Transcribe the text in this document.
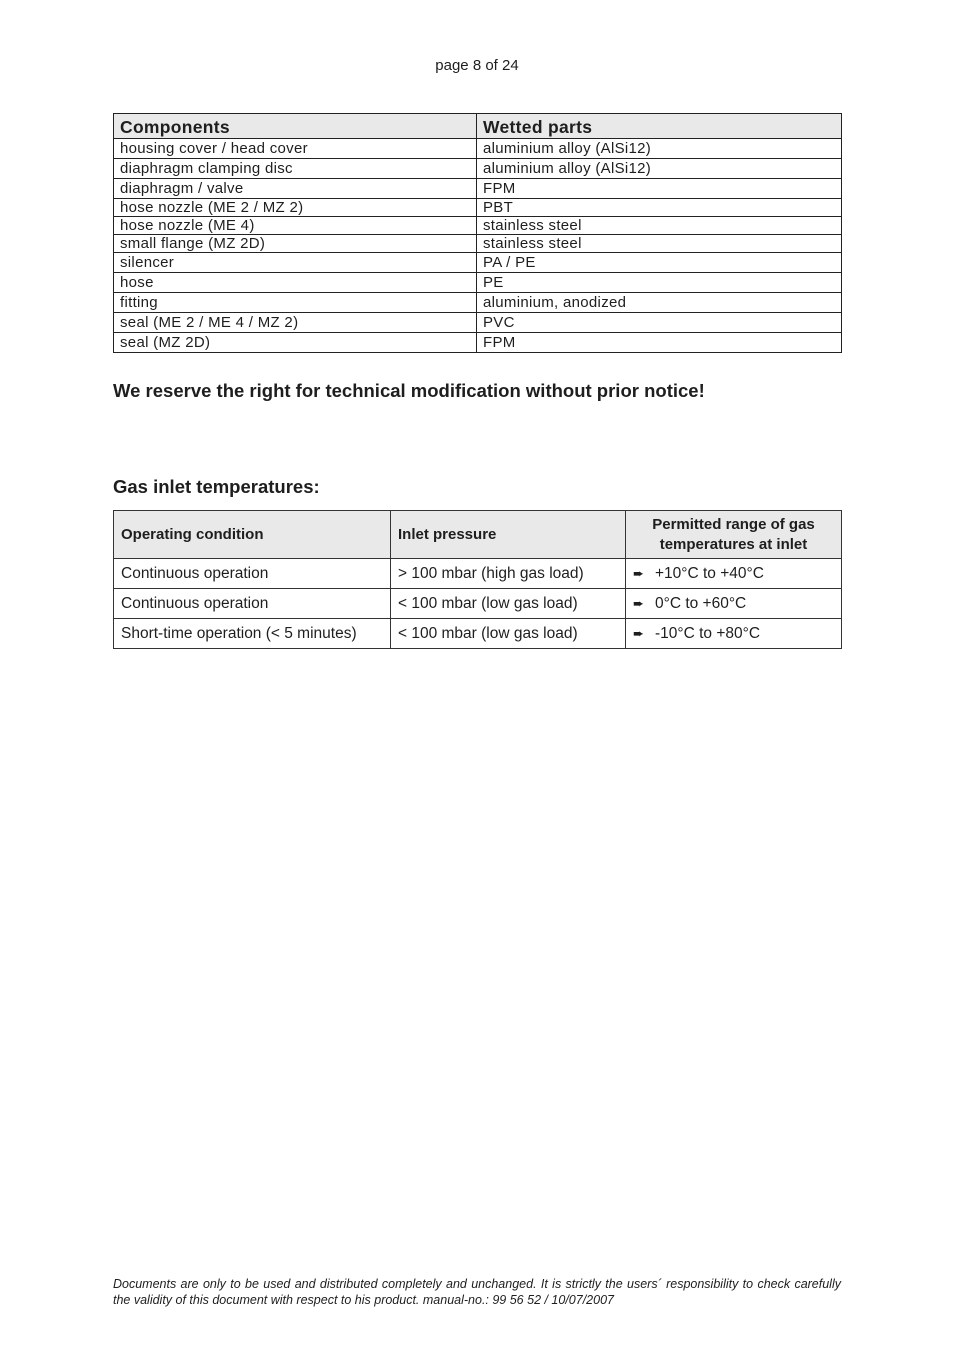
page 8 of 24
Components	Wetted parts
housing cover / head cover	aluminium alloy (AlSi12)
diaphragm clamping disc	aluminium alloy (AlSi12)
diaphragm / valve	FPM
hose nozzle (ME 2 / MZ 2)	PBT
hose nozzle (ME 4)	stainless steel
small flange (MZ 2D)	stainless steel
silencer	PA / PE
hose	PE
fitting	aluminium, anodized
seal (ME 2 / ME 4 / MZ 2)	PVC
seal (MZ 2D)	FPM
We reserve the right for technical modification without prior notice!
Gas inlet temperatures:
Operating condition	Inlet pressure	Permitted range of gas temperatures at inlet
Continuous operation	> 100 mbar (high gas load)	➨ +10°C to +40°C
Continuous operation	< 100 mbar (low gas load)	➨ 0°C to +60°C
Short-time operation (< 5 minutes)	< 100 mbar (low gas load)	➨ -10°C to +80°C
Documents are only to be used and distributed completely and unchanged. It is strictly the users´ responsibility to check carefully the validity of this document with respect to his product. manual-no.: 99 56 52 / 10/07/2007
